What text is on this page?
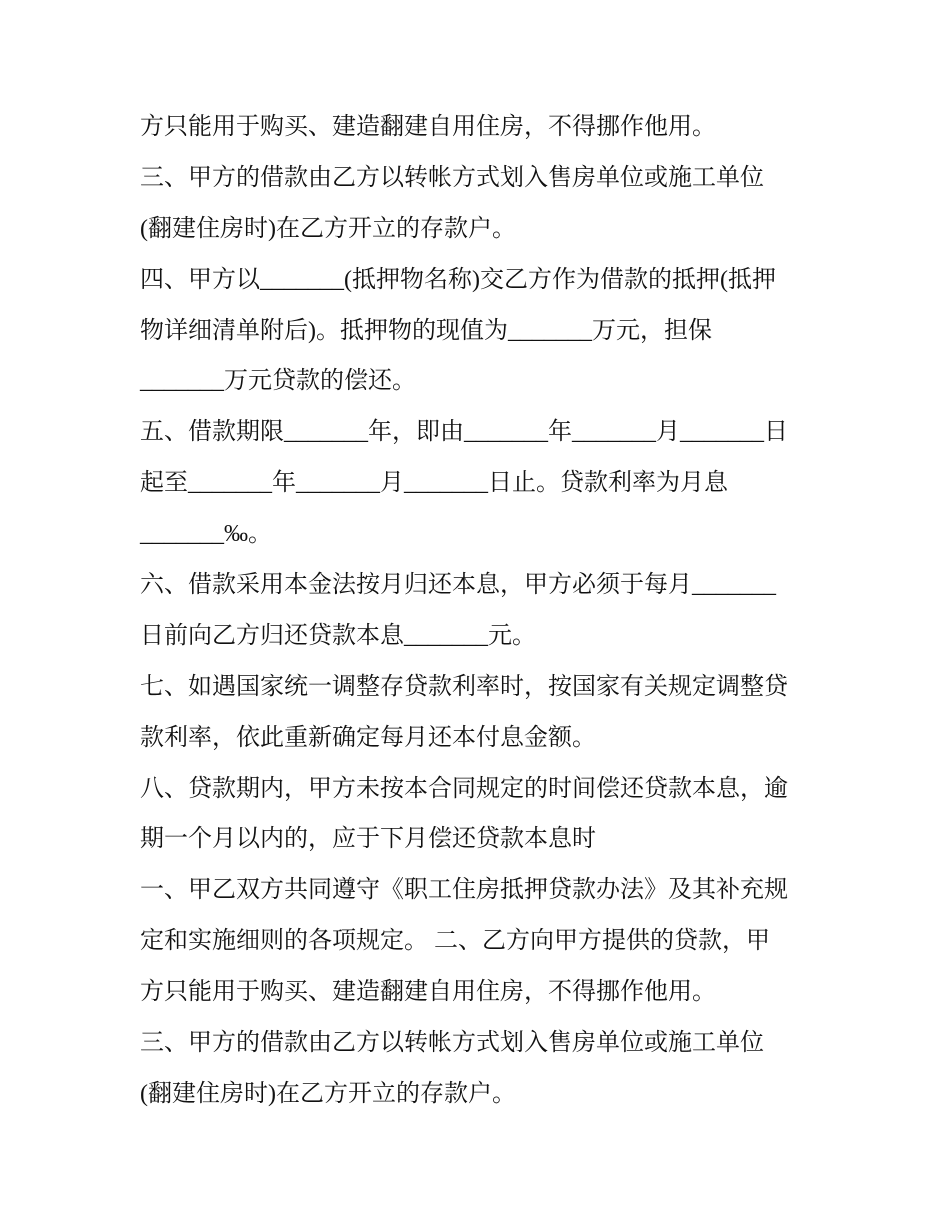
方只能用于购买、建造翻建自用住房，不得挪作他用。
三、甲方的借款由乙方以转帐方式划入售房单位或施工单位
(翻建住房时)在乙方开立的存款户。
四、甲方以_______(抵押物名称)交乙方作为借款的抵押(抵押
物详细清单附后)。抵押物的现值为_______万元，担保
_______万元贷款的偿还。
五、借款期限_______年，即由_______年_______月_______日
起至_______年_______月_______日止。贷款利率为月息
_______‰。
六、借款采用本金法按月归还本息，甲方必须于每月_______
日前向乙方归还贷款本息_______元。
七、如遇国家统一调整存贷款利率时，按国家有关规定调整贷
款利率，依此重新确定每月还本付息金额。
八、贷款期内，甲方未按本合同规定的时间偿还贷款本息，逾
期一个月以内的，应于下月偿还贷款本息时
一、甲乙双方共同遵守《职工住房抵押贷款办法》及其补充规
定和实施细则的各项规定。 二、乙方向甲方提供的贷款，甲
方只能用于购买、建造翻建自用住房，不得挪作他用。
三、甲方的借款由乙方以转帐方式划入售房单位或施工单位
(翻建住房时)在乙方开立的存款户。
